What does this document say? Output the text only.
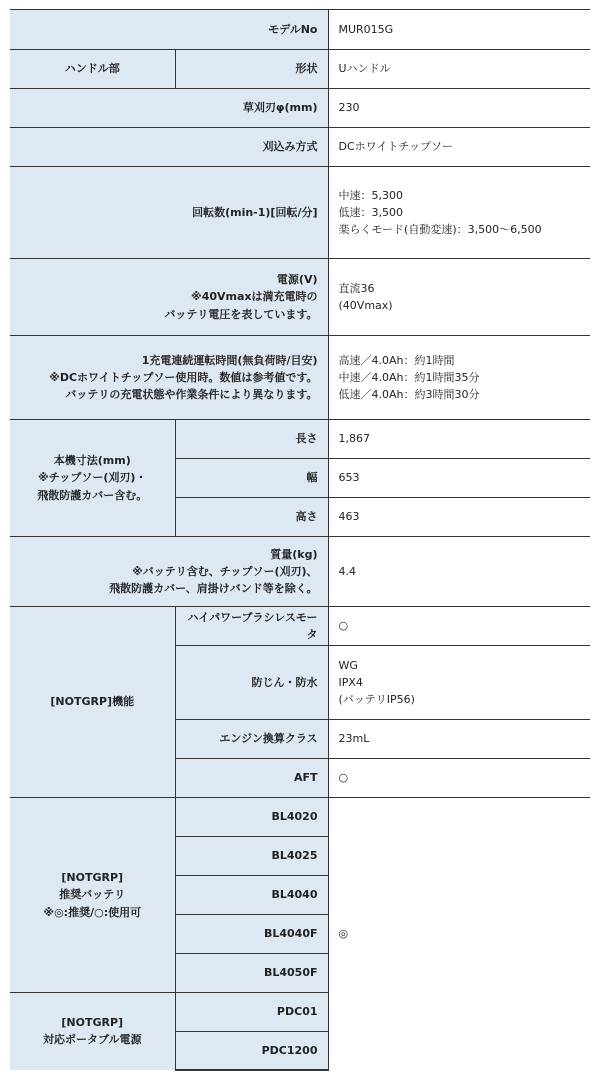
モデルNo		MUR015G
ハンドル部	形状	Uハンドル
草刈刃φ(mm)		230
刈込み方式		DCホワイトチップソー
回転数(min-1)[回転/分]		中速：5,300
低速：3,500
楽らくモード(自動変速)：3,500～6,500

電源(V)
※40Vmaxは満充電時の
バッテリ電圧を表しています。		直流36
(40Vmax)

1充電連続運転時間(無負荷時/目安)
※DCホワイトチップソー使用時。数値は参考値です。
バッテリの充電状態や作業条件により異なります。		高速／4.0Ah：約1時間
中速／4.0Ah：約1時間35分
低速／4.0Ah：約3時間30分

本機寸法(mm)
※チップソー(刈刃)・
飛散防護カバー含む。	長さ	1,867
	幅	653
	高さ	463

質量(kg)
※バッテリ含む、チップソー(刈刃)、
飛散防護カバー、肩掛けバンド等を除く。		4.4
[NOTGRP]機能	ハイパワーブラシレスモータ	○
	防じん・防水	WG
IPX4
(バッテリIP56)

	エンジン換算クラス	23mL
	AFT	○

[NOTGRP]
推奨バッテリ
※◎:推奨/○:使用可	BL4020	◎
	BL4025	
	BL4040	
	BL4040F	
	BL4050F	

[NOTGRP]
対応ポータブル電源	PDC01	
	PDC1200	
